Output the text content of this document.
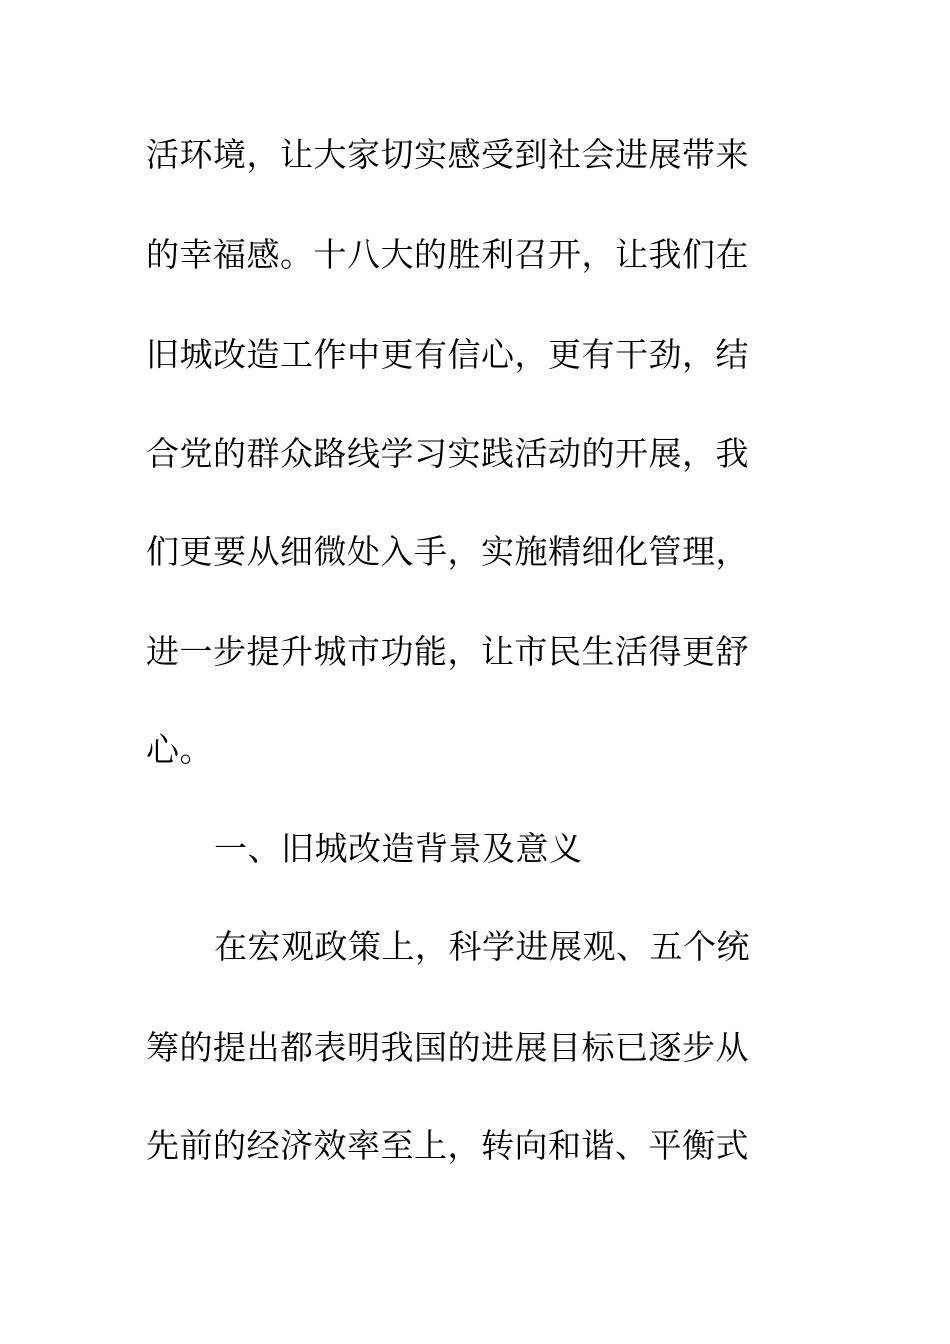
活环境，让大家切实感受到社会进展带来
的幸福感。十八大的胜利召开，让我们在
旧城改造工作中更有信心，更有干劲，结
合党的群众路线学习实践活动的开展，我
们更要从细微处入手，实施精细化管理，
进一步提升城市功能，让市民生活得更舒
心。
一、旧城改造背景及意义
在宏观政策上，科学进展观、五个统
筹的提出都表明我国的进展目标已逐步从
先前的经济效率至上，转向和谐、平衡式
